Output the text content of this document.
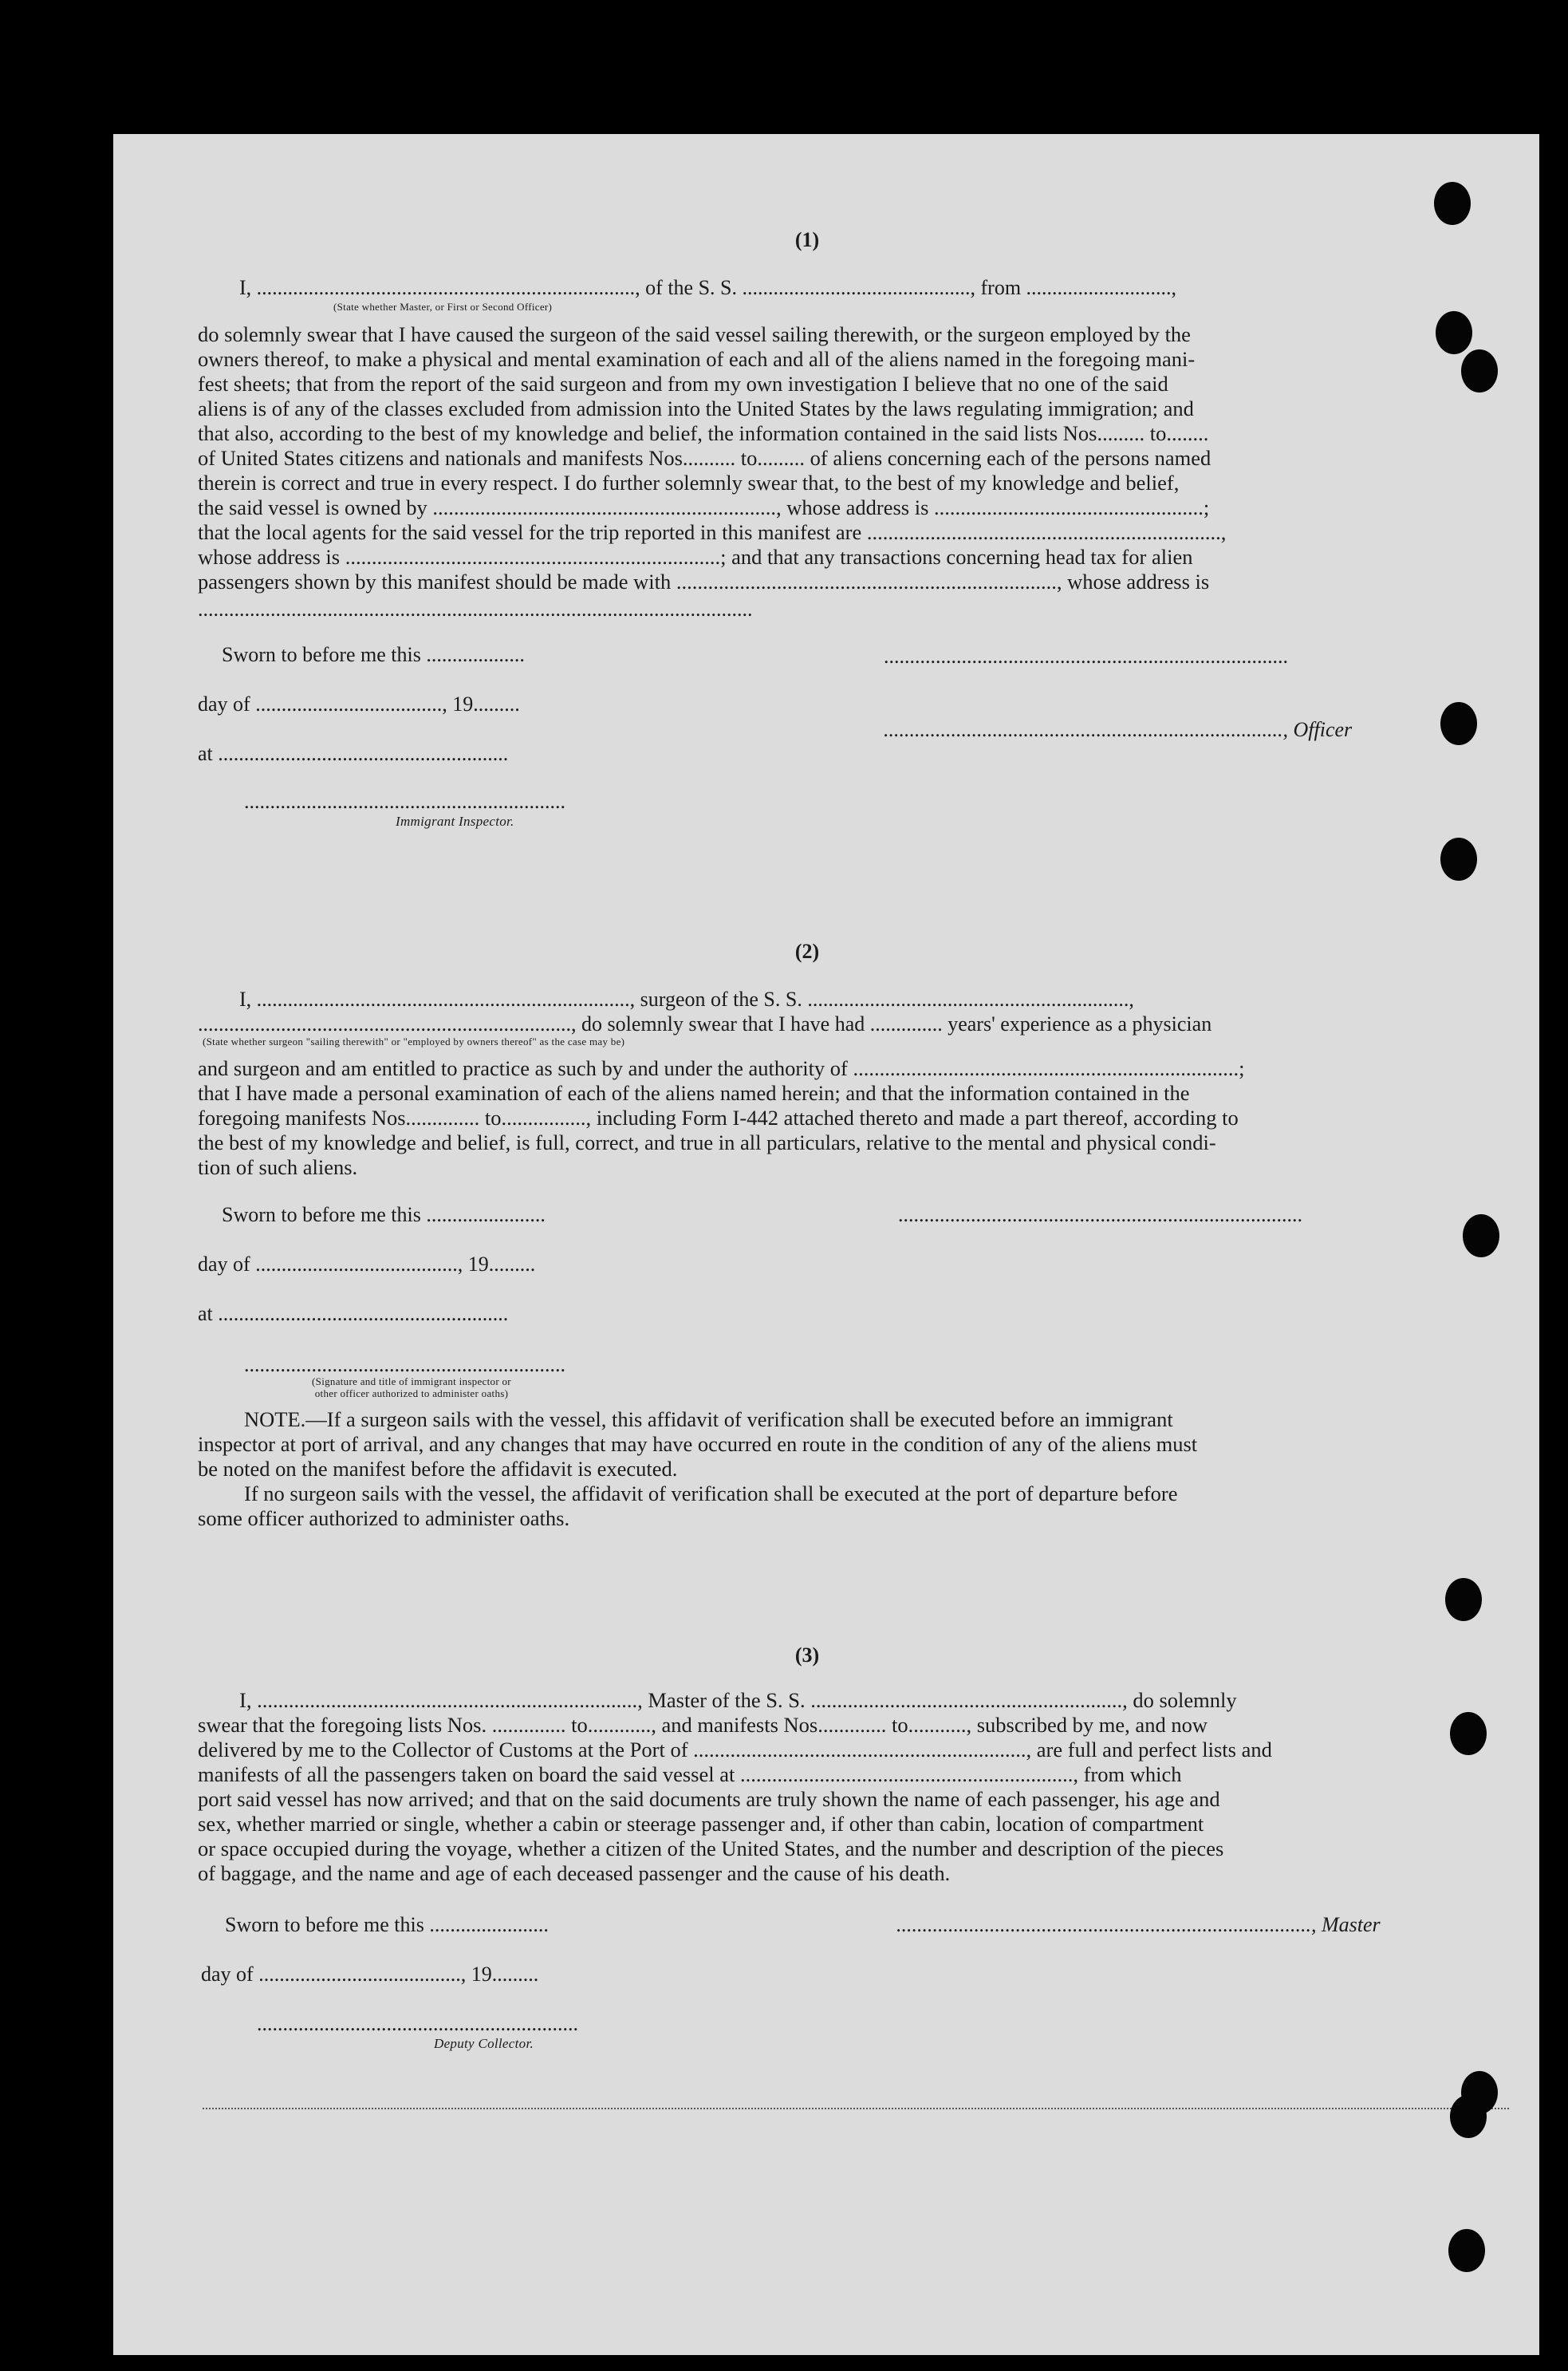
(1)
I, ........................................................................., of the S. S. ............................................, from ............................,
(State whether Master, or First or Second Officer)
do solemnly swear that I have caused the surgeon of the said vessel sailing therewith, or the surgeon employed by the
owners thereof, to make a physical and mental examination of each and all of the aliens named in the foregoing mani-
fest sheets; that from the report of the said surgeon and from my own investigation I believe that no one of the said
aliens is of any of the classes excluded from admission into the United States by the laws regulating immigration; and
that also, according to the best of my knowledge and belief, the information contained in the said lists Nos......... to........
of United States citizens and nationals and manifests Nos.......... to......... of aliens concerning each of the persons named
therein is correct and true in every respect. I do further solemnly swear that, to the best of my knowledge and belief,
the said vessel is owned by ................................................................., whose address is ...................................................;
that the local agents for the said vessel for the trip reported in this manifest are ...................................................................,
whose address is .......................................................................; and that any transactions concerning head tax for alien
passengers shown by this manifest should be made with ........................................................................, whose address is
...........................................................................................................
Sworn to before me this ...................
day of ...................................., 19.........
at ........................................................
..............................................................
Immigrant Inspector.
..............................................................................
............................................................................., Officer
(2)
I, ........................................................................, surgeon of the S. S. ..............................................................,
........................................................................, do solemnly swear that I have had .............. years' experience as a physician
(State whether surgeon "sailing therewith" or "employed by owners thereof" as the case may be)
and surgeon and am entitled to practice as such by and under the authority of .........................................................................;
that I have made a personal examination of each of the aliens named herein; and that the information contained in the
foregoing manifests Nos.............. to................, including Form I-442 attached thereto and made a part thereof, according to
the best of my knowledge and belief, is full, correct, and true in all particulars, relative to the mental and physical condi-
tion of such aliens.
Sworn to before me this .......................
day of ......................................., 19.........
at ........................................................
..............................................................
(Signature and title of immigrant inspector or
other officer authorized to administer oaths)
..............................................................................
NOTE.—If a surgeon sails with the vessel, this affidavit of verification shall be executed before an immigrant
inspector at port of arrival, and any changes that may have occurred en route in the condition of any of the aliens must
be noted on the manifest before the affidavit is executed.
If no surgeon sails with the vessel, the affidavit of verification shall be executed at the port of departure before
some officer authorized to administer oaths.
(3)
I, ........................................................................, Master of the S. S. ..........................................................., do solemnly
swear that the foregoing lists Nos. .............. to............, and manifests Nos............. to..........., subscribed by me, and now
delivered by me to the Collector of Customs at the Port of ..............................................................., are full and perfect lists and
manifests of all the passengers taken on board the said vessel at ..............................................................., from which
port said vessel has now arrived; and that on the said documents are truly shown the name of each passenger, his age and
sex, whether married or single, whether a cabin or steerage passenger and, if other than cabin, location of compartment
or space occupied during the voyage, whether a citizen of the United States, and the number and description of the pieces
of baggage, and the name and age of each deceased passenger and the cause of his death.
Sworn to before me this .......................
day of ......................................., 19.........
..............................................................
Deputy Collector.
................................................................................, Master
